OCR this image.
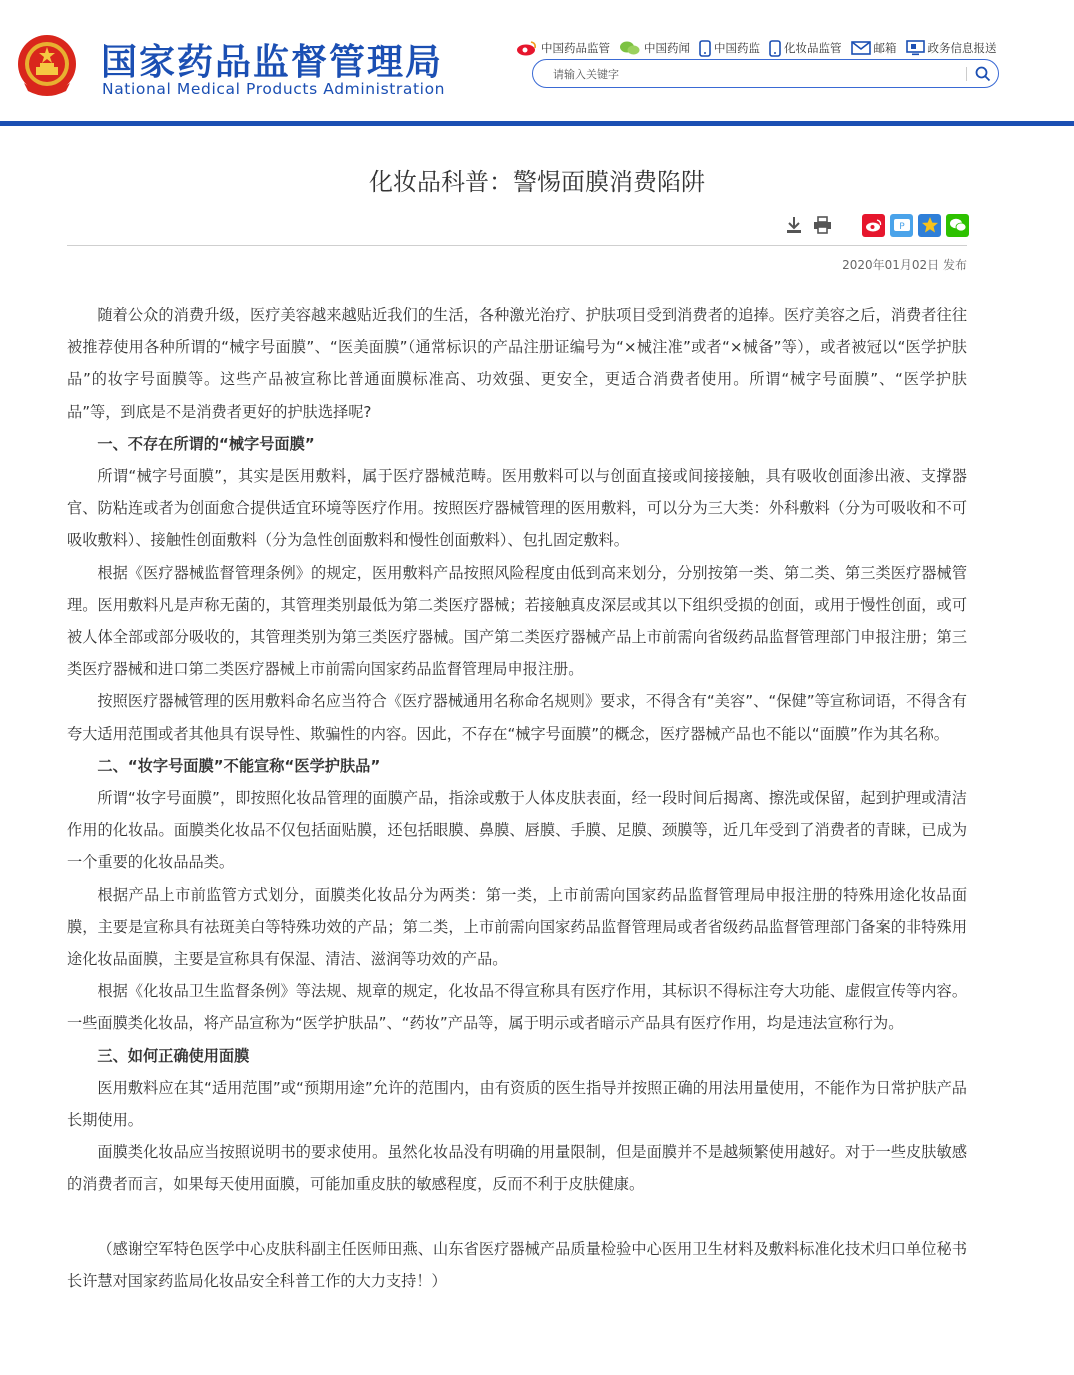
国家药品监督管理局
National Medical Products Administration
中国药品监管	中国药闻 中国药监 化妆品监管	邮箱	政务信息报送
请输入关键字
化妆品科普：警惕面膜消费陷阱
P
2020年01月02日 发布

随着公众的消费升级，医疗美容越来越贴近我们的生活，各种激光治疗、护肤项目受到消费者的追捧。医疗美容之后，消费者往往被推荐使用各种所谓的“械字号面膜”、“医美面膜”（通常标识的产品注册证编号为“×械注准”或者“×械备”等），或者被冠以“医学护肤品”的妆字号面膜等。这些产品被宣称比普通面膜标准高、功效强、更安全，更适合消费者使用。所谓“械字号面膜”、“医学护肤品”等，到底是不是消费者更好的护肤选择呢?

一、不存在所谓的“械字号面膜”

所谓“械字号面膜”，其实是医用敷料，属于医疗器械范畴。医用敷料可以与创面直接或间接接触，具有吸收创面渗出液、支撑器官、防粘连或者为创面愈合提供适宜环境等医疗作用。按照医疗器械管理的医用敷料，可以分为三大类：外科敷料（分为可吸收和不可吸收敷料）、接触性创面敷料（分为急性创面敷料和慢性创面敷料）、包扎固定敷料。

根据《医疗器械监督管理条例》的规定，医用敷料产品按照风险程度由低到高来划分，分别按第一类、第二类、第三类医疗器械管理。医用敷料凡是声称无菌的，其管理类别最低为第二类医疗器械；若接触真皮深层或其以下组织受损的创面，或用于慢性创面，或可被人体全部或部分吸收的，其管理类别为第三类医疗器械。国产第二类医疗器械产品上市前需向省级药品监督管理部门申报注册；第三类医疗器械和进口第二类医疗器械上市前需向国家药品监督管理局申报注册。

按照医疗器械管理的医用敷料命名应当符合《医疗器械通用名称命名规则》要求，不得含有“美容”、“保健”等宣称词语，不得含有夸大适用范围或者其他具有误导性、欺骗性的内容。因此，不存在“械字号面膜”的概念，医疗器械产品也不能以“面膜”作为其名称。

二、“妆字号面膜”不能宣称“医学护肤品”

所谓“妆字号面膜”，即按照化妆品管理的面膜产品，指涂或敷于人体皮肤表面，经一段时间后揭离、擦洗或保留，起到护理或清洁作用的化妆品。面膜类化妆品不仅包括面贴膜，还包括眼膜、鼻膜、唇膜、手膜、足膜、颈膜等，近几年受到了消费者的青睐，已成为一个重要的化妆品品类。

根据产品上市前监管方式划分，面膜类化妆品分为两类：第一类，上市前需向国家药品监督管理局申报注册的特殊用途化妆品面膜，主要是宣称具有祛斑美白等特殊功效的产品；第二类，上市前需向国家药品监督管理局或者省级药品监督管理部门备案的非特殊用途化妆品面膜，主要是宣称具有保湿、清洁、滋润等功效的产品。

根据《化妆品卫生监督条例》等法规、规章的规定，化妆品不得宣称具有医疗作用，其标识不得标注夸大功能、虚假宣传等内容。一些面膜类化妆品，将产品宣称为“医学护肤品”、“药妆”产品等，属于明示或者暗示产品具有医疗作用，均是违法宣称行为。

三、如何正确使用面膜

医用敷料应在其“适用范围”或“预期用途”允许的范围内，由有资质的医生指导并按照正确的用法用量使用，不能作为日常护肤产品长期使用。

面膜类化妆品应当按照说明书的要求使用。虽然化妆品没有明确的用量限制，但是面膜并不是越频繁使用越好。对于一些皮肤敏感的消费者而言，如果每天使用面膜，可能加重皮肤的敏感程度，反而不利于皮肤健康。

（感谢空军特色医学中心皮肤科副主任医师田燕、山东省医疗器械产品质量检验中心医用卫生材料及敷料标准化技术归口单位秘书长许慧对国家药监局化妆品安全科普工作的大力支持！）
